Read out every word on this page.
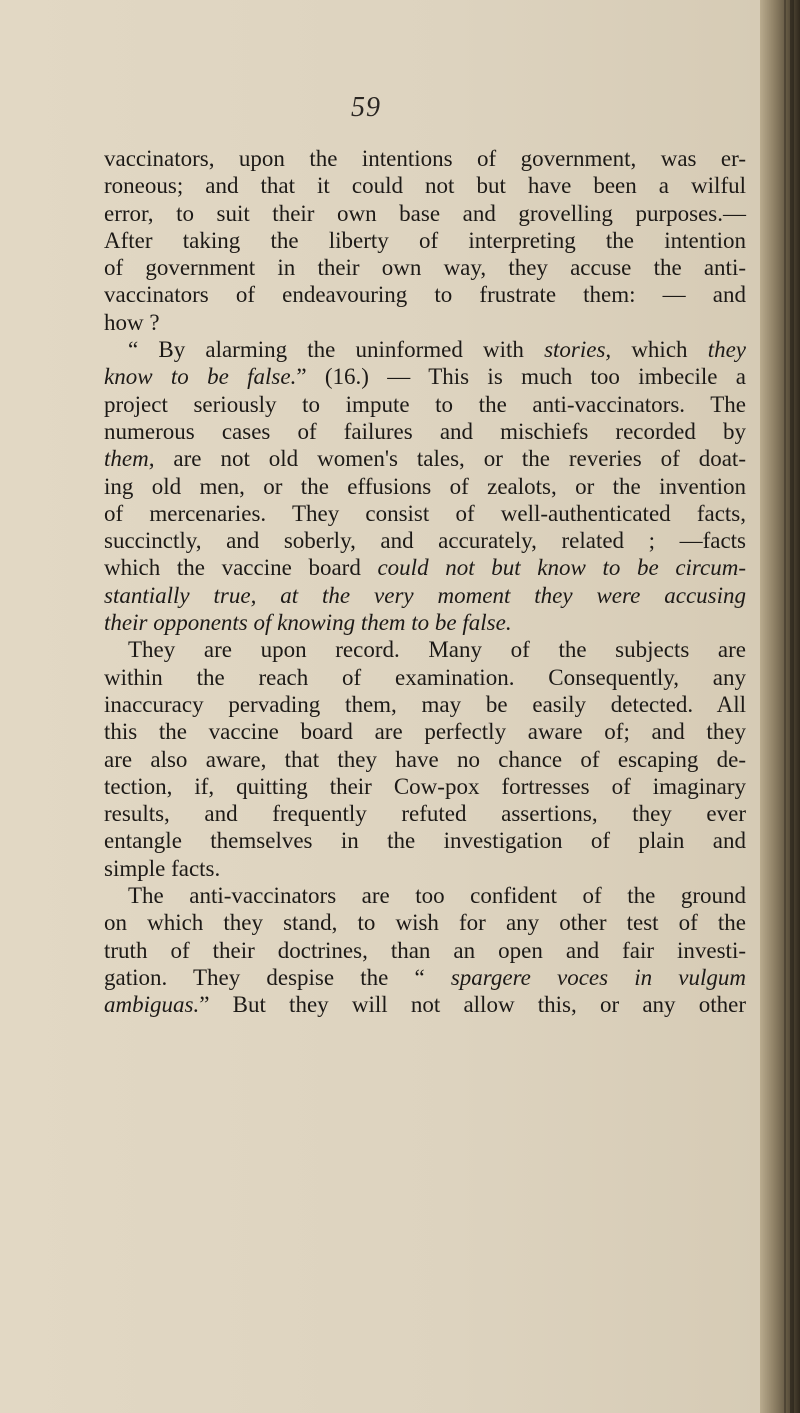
59
vaccinators, upon the intentions of government, was er-
roneous; and that it could not but have been a wilful
error, to suit their own base and grovelling purposes.—
After taking the liberty of interpreting the intention
of government in their own way, they accuse the anti-
vaccinators of endeavouring to frustrate them: — and
how ?
“ By alarming the uninformed with stories, which they
know to be false.” (16.) — This is much too imbecile a
project seriously to impute to the anti-vaccinators. The
numerous cases of failures and mischiefs recorded by
them, are not old women's tales, or the reveries of doat-
ing old men, or the effusions of zealots, or the invention
of mercenaries. They consist of well-authenticated facts,
succinctly, and soberly, and accurately, related ; —facts
which the vaccine board could not but know to be circum-
stantially true, at the very moment they were accusing
their opponents of knowing them to be false.
They are upon record. Many of the subjects are
within the reach of examination. Consequently, any
inaccuracy pervading them, may be easily detected. All
this the vaccine board are perfectly aware of; and they
are also aware, that they have no chance of escaping de-
tection, if, quitting their Cow-pox fortresses of imaginary
results, and frequently refuted assertions, they ever
entangle themselves in the investigation of plain and
simple facts.
The anti-vaccinators are too confident of the ground
on which they stand, to wish for any other test of the
truth of their doctrines, than an open and fair investi-
gation. They despise the “ spargere voces in vulgum
ambiguas.” But they will not allow this, or any other
